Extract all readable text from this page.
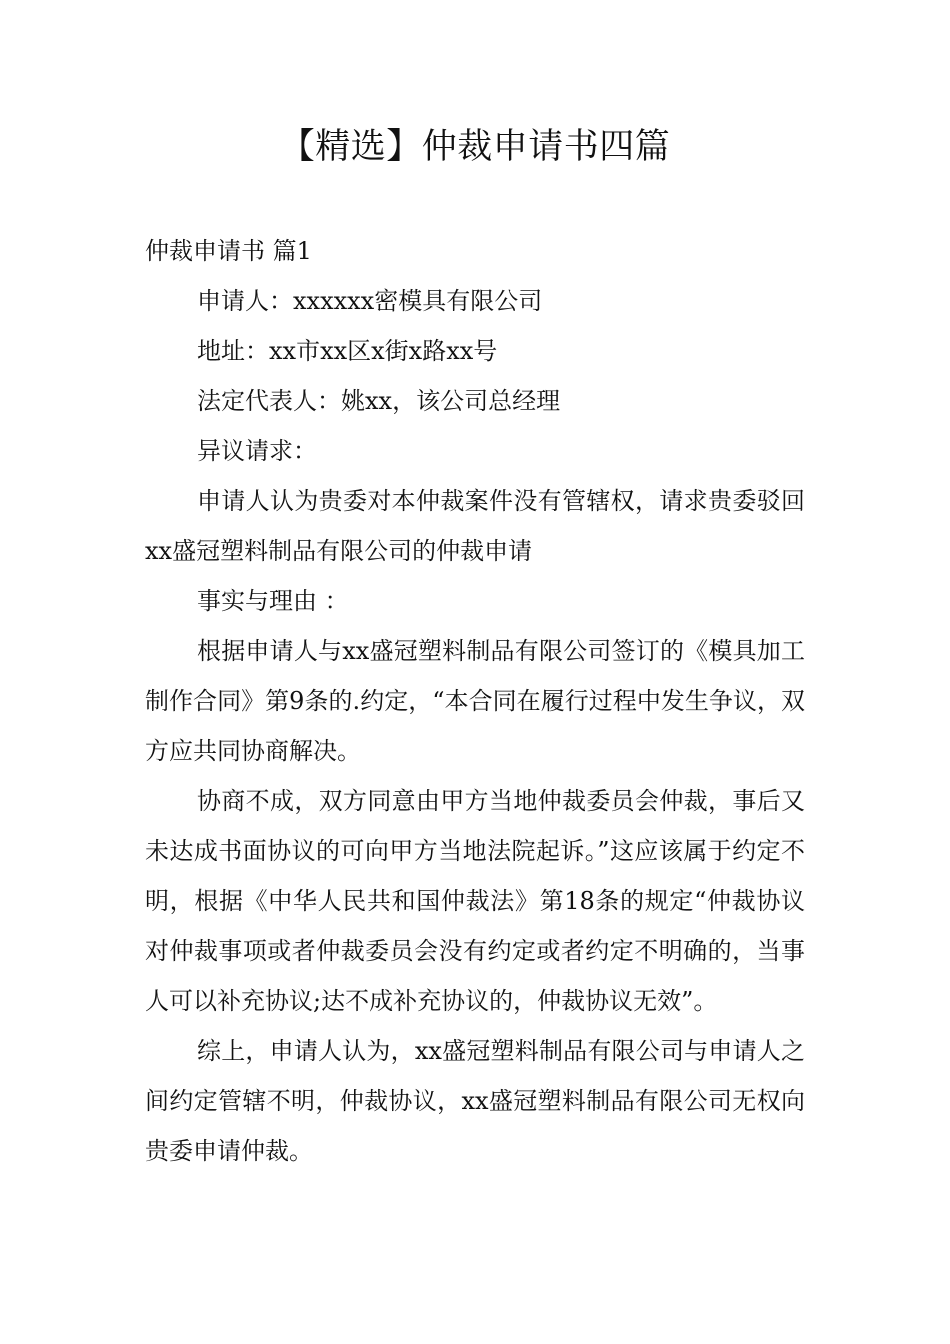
【精选】仲裁申请书四篇

仲裁申请书 篇1

申请人：xxxxxx密模具有限公司

地址：xx市xx区x街x路xx号

法定代表人：姚xx，该公司总经理

异议请求：

申请人认为贵委对本仲裁案件没有管辖权，请求贵委驳回xx盛冠塑料制品有限公司的仲裁申请

事实与理由 ：

根据申请人与xx盛冠塑料制品有限公司签订的《模具加工制作合同》第9条的.约定，“本合同在履行过程中发生争议，双方应共同协商解决。

协商不成，双方同意由甲方当地仲裁委员会仲裁，事后又未达成书面协议的可向甲方当地法院起诉。”这应该属于约定不明，根据《中华人民共和国仲裁法》第18条的规定“仲裁协议对仲裁事项或者仲裁委员会没有约定或者约定不明确的，当事人可以补充协议;达不成补充协议的，仲裁协议无效”。

综上，申请人认为，xx盛冠塑料制品有限公司与申请人之间约定管辖不明，仲裁协议，xx盛冠塑料制品有限公司无权向贵委申请仲裁。
